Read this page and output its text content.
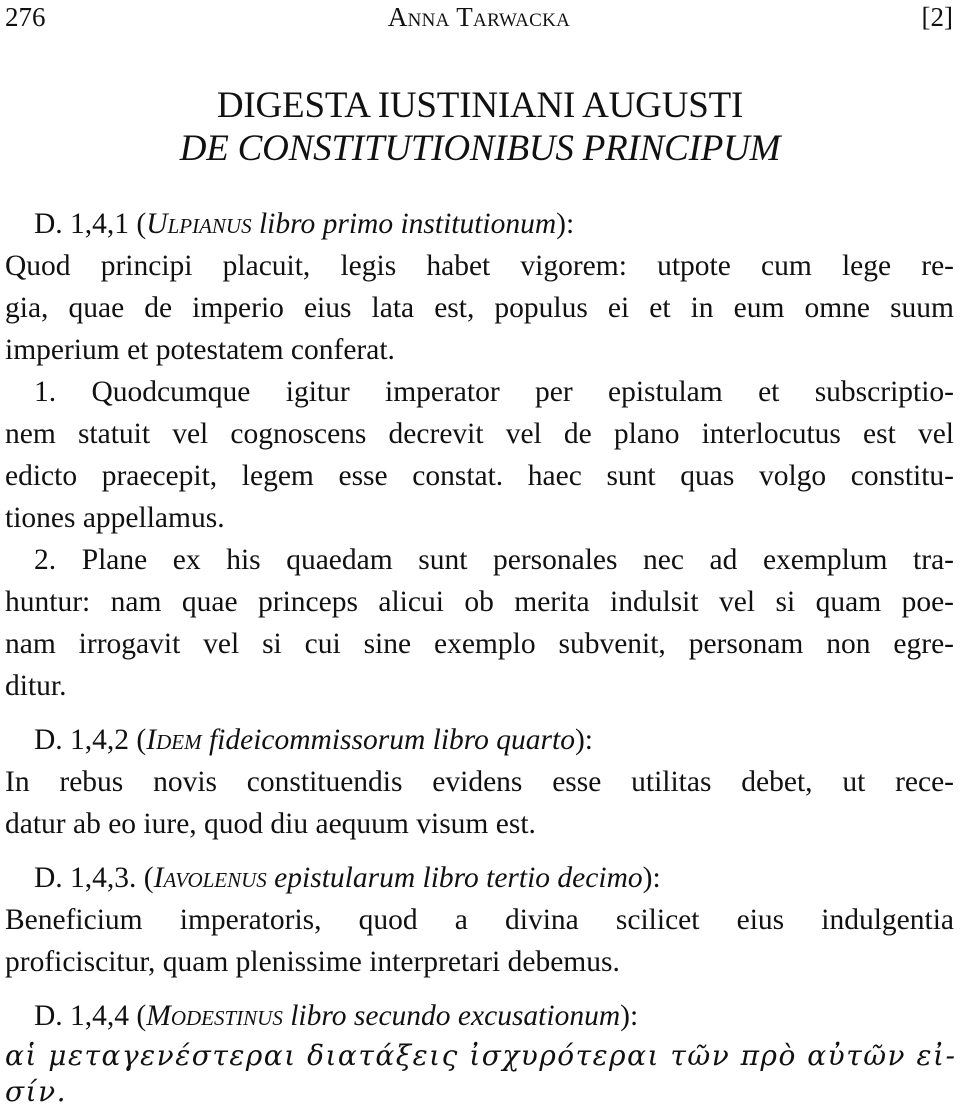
276	Anna Tarwacka	[2]
DIGESTA IUSTINIANI AUGUSTI
DE CONSTITUTIONIBUS PRINCIPUM
D. 1,4,1 (Ulpianus libro primo institutionum):
Quod principi placuit, legis habet vigorem: utpote cum lege re-
gia, quae de imperio eius lata est, populus ei et in eum omne suum
imperium et potestatem conferat.
1. Quodcumque igitur imperator per epistulam et subscriptio-
nem statuit vel cognoscens decrevit vel de plano interlocutus est vel
edicto praecepit, legem esse constat. haec sunt quas volgo constitu-
tiones appellamus.
2. Plane ex his quaedam sunt personales nec ad exemplum tra-
huntur: nam quae princeps alicui ob merita indulsit vel si quam poe-
nam irrogavit vel si cui sine exemplo subvenit, personam non egre-
ditur.
D. 1,4,2 (Idem fideicommissorum libro quarto):
In rebus novis constituendis evidens esse utilitas debet, ut rece-
datur ab eo iure, quod diu aequum visum est.
D. 1,4,3. (Iavolenus epistularum libro tertio decimo):
Beneficium imperatoris, quod a divina scilicet eius indulgentia
proficiscitur, quam plenissime interpretari debemus.
D. 1,4,4 (Modestinus libro secundo excusationum):
αἱ μεταγενέστεραι διατάξεις ἰσχυρότεραι τῶν πρὸ αὐτῶν εἰ-
σίν.
